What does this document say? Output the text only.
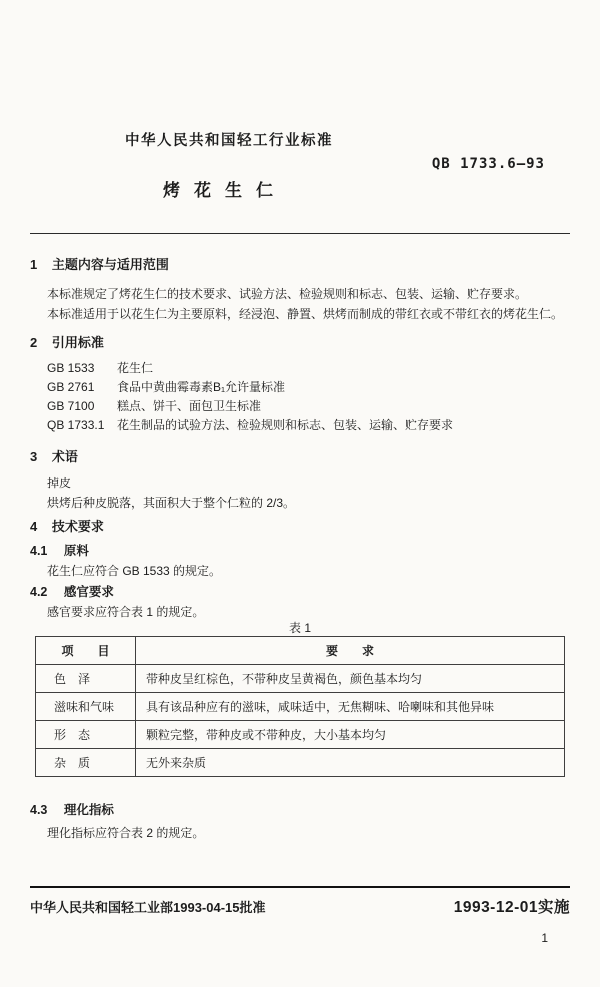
中华人民共和国轻工行业标准
QB 1733.6—93
烤花生仁
1 主题内容与适用范围
本标准规定了烤花生仁的技术要求、试验方法、检验规则和标志、包装、运输、贮存要求。
本标准适用于以花生仁为主要原料，经浸泡、静置、烘烤而制成的带红衣或不带红衣的烤花生仁。
2 引用标准
GB 1533 花生仁
GB 2761 食品中黄曲霉毒素B₁允许量标准
GB 7100 糕点、饼干、面包卫生标准
QB 1733.1 花生制品的试验方法、检验规则和标志、包装、运输、贮存要求
3 术语
掉皮
烘烤后种皮脱落，其面积大于整个仁粒的 2/3。
4 技术要求
4.1 原料
花生仁应符合 GB 1533 的规定。
4.2 感官要求
感官要求应符合表 1 的规定。
表 1
项　　目	要　　求
色　泽	带种皮呈红棕色，不带种皮呈黄褐色，颜色基本均匀
滋味和气味	具有该品种应有的滋味，咸味适中，无焦糊味、哈喇味和其他异味
形　态	颗粒完整，带种皮或不带种皮，大小基本均匀
杂　质	无外来杂质
4.3 理化指标
理化指标应符合表 2 的规定。
中华人民共和国轻工业部1993-04-15批准	1993-12-01实施
1
